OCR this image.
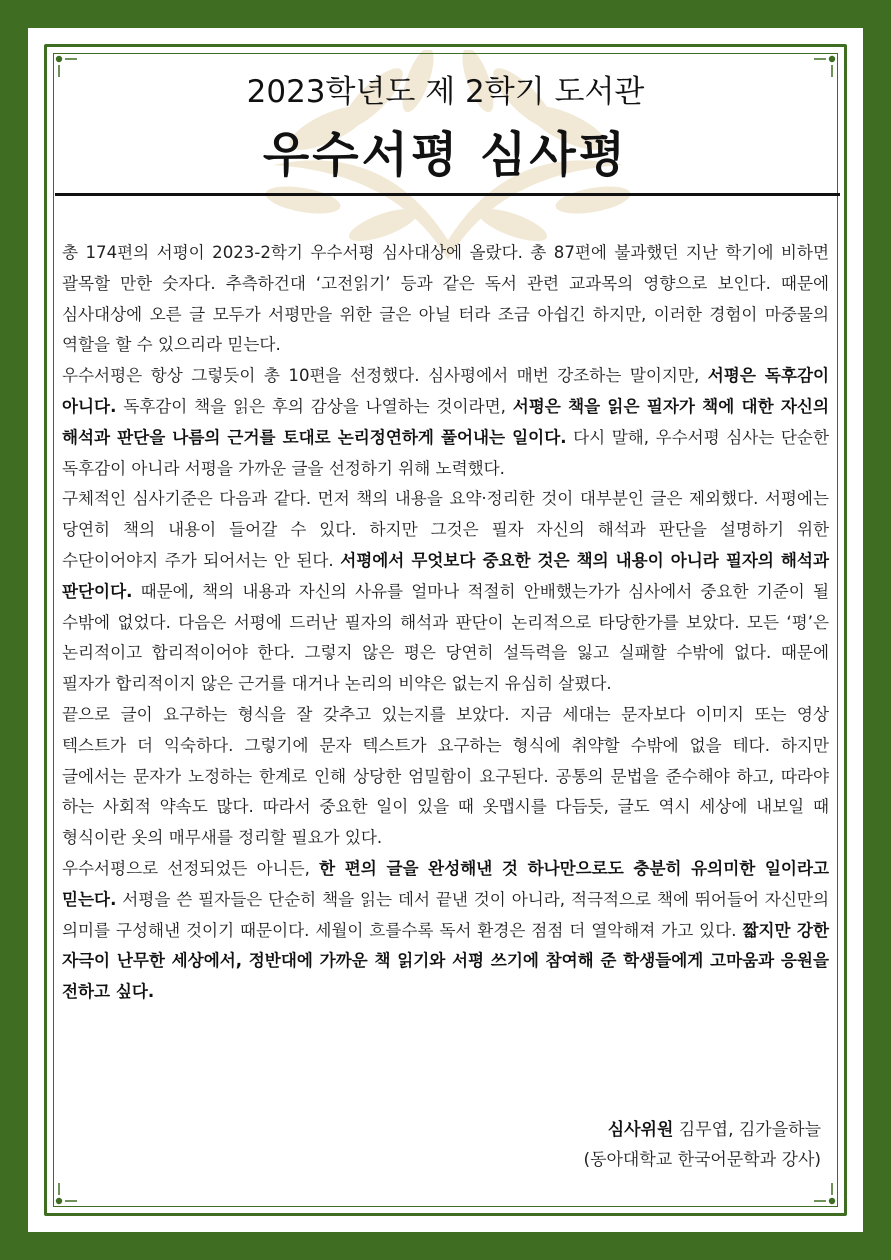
2023학년도 제 2학기 도서관
우수서평 심사평

총 174편의 서평이 2023-2학기 우수서평 심사대상에 올랐다. 총 87편에 불과했던 지난 학기에 비하면 괄목할 만한 숫자다. 추측하건대 ‘고전읽기’ 등과 같은 독서 관련 교과목의 영향으로 보인다. 때문에 심사대상에 오른 글 모두가 서평만을 위한 글은 아닐 터라 조금 아쉽긴 하지만, 이러한 경험이 마중물의 역할을 할 수 있으리라 믿는다.

우수서평은 항상 그렇듯이 총 10편을 선정했다. 심사평에서 매번 강조하는 말이지만, 서평은 독후감이 아니다. 독후감이 책을 읽은 후의 감상을 나열하는 것이라면, 서평은 책을 읽은 필자가 책에 대한 자신의 해석과 판단을 나름의 근거를 토대로 논리정연하게 풀어내는 일이다. 다시 말해, 우수서평 심사는 단순한 독후감이 아니라 서평을 가까운 글을 선정하기 위해 노력했다.

구체적인 심사기준은 다음과 같다. 먼저 책의 내용을 요약·정리한 것이 대부분인 글은 제외했다. 서평에는 당연히 책의 내용이 들어갈 수 있다. 하지만 그것은 필자 자신의 해석과 판단을 설명하기 위한 수단이어야지 주가 되어서는 안 된다. 서평에서 무엇보다 중요한 것은 책의 내용이 아니라 필자의 해석과 판단이다. 때문에, 책의 내용과 자신의 사유를 얼마나 적절히 안배했는가가 심사에서 중요한 기준이 될 수밖에 없었다. 다음은 서평에 드러난 필자의 해석과 판단이 논리적으로 타당한가를 보았다. 모든 ‘평’은 논리적이고 합리적이어야 한다. 그렇지 않은 평은 당연히 설득력을 잃고 실패할 수밖에 없다. 때문에 필자가 합리적이지 않은 근거를 대거나 논리의 비약은 없는지 유심히 살폈다.

끝으로 글이 요구하는 형식을 잘 갖추고 있는지를 보았다. 지금 세대는 문자보다 이미지 또는 영상 텍스트가 더 익숙하다. 그렇기에 문자 텍스트가 요구하는 형식에 취약할 수밖에 없을 테다. 하지만 글에서는 문자가 노정하는 한계로 인해 상당한 엄밀함이 요구된다. 공통의 문법을 준수해야 하고, 따라야 하는 사회적 약속도 많다. 따라서 중요한 일이 있을 때 옷맵시를 다듬듯, 글도 역시 세상에 내보일 때 형식이란 옷의 매무새를 정리할 필요가 있다.

우수서평으로 선정되었든 아니든, 한 편의 글을 완성해낸 것 하나만으로도 충분히 유의미한 일이라고 믿는다. 서평을 쓴 필자들은 단순히 책을 읽는 데서 끝낸 것이 아니라, 적극적으로 책에 뛰어들어 자신만의 의미를 구성해낸 것이기 때문이다. 세월이 흐를수록 독서 환경은 점점 더 열악해져 가고 있다. 짧지만 강한 자극이 난무한 세상에서, 정반대에 가까운 책 읽기와 서평 쓰기에 참여해 준 학생들에게 고마움과 응원을 전하고 싶다.

심사위원 김무엽, 김가을하늘
(동아대학교 한국어문학과 강사)
